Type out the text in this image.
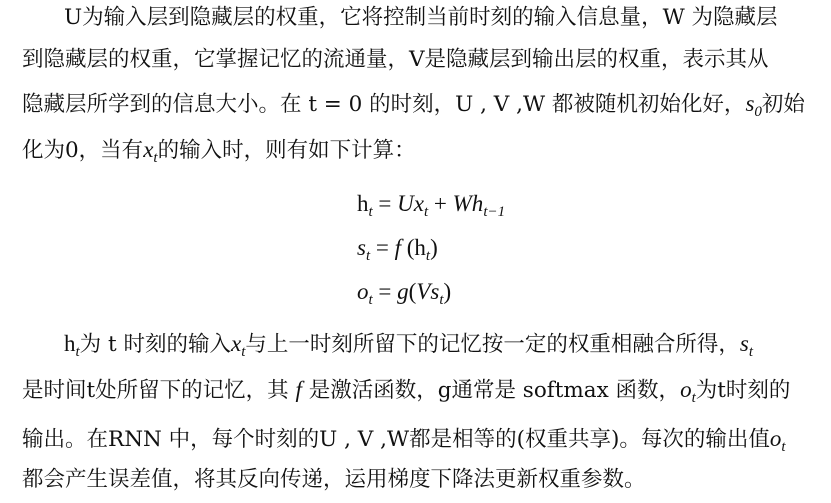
U为输入层到隐藏层的权重，它将控制当前时刻的输入信息量，W 为隐藏层
到隐藏层的权重，它掌握记忆的流通量，V是隐藏层到输出层的权重，表示其从
隐藏层所学到的信息大小。在 t = 0 的时刻，U , V ,W 都被随机初始化好，$s_0$初始
化为0，当有$x_t$的输入时，则有如下计算：
$h_t = Ux_t + Wh_{t-1}$
$s_t = f$ $(h_t)$
$o_t = g(Vs_t)$
$h_t$为 t 时刻的输入$x_t$与上一时刻所留下的记忆按一定的权重相融合所得，$s_t$
是时间t处所留下的记忆，其 f 是激活函数，g通常是 softmax 函数，$o_t$为t时刻的
输出。在RNN 中，每个时刻的U , V ,W都是相等的(权重共享)。每次的输出值$o_t$
都会产生误差值，将其反向传递，运用梯度下降法更新权重参数。
